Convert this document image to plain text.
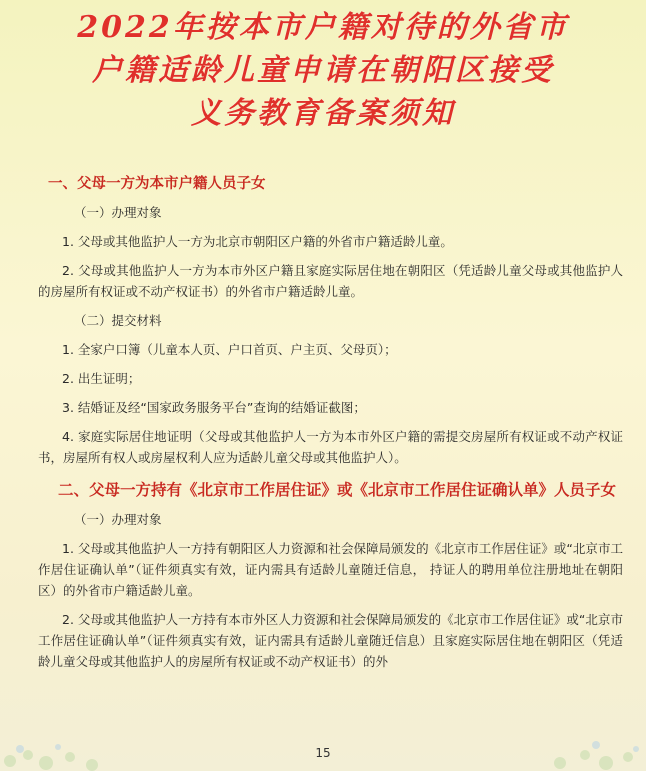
2022年按本市户籍对待的外省市
户籍适龄儿童申请在朝阳区接受
义务教育备案须知
一、父母一方为本市户籍人员子女
（一）办理对象
1. 父母或其他监护人一方为北京市朝阳区户籍的外省市户籍适龄儿童。
2. 父母或其他监护人一方为本市外区户籍且家庭实际居住地在朝阳区（凭适龄儿童父母或其他监护人的房屋所有权证或不动产权证书）的外省市户籍适龄儿童。
（二）提交材料
1. 全家户口簿（儿童本人页、户口首页、户主页、父母页）；
2. 出生证明；
3. 结婚证及经“国家政务服务平台”查询的结婚证截图；
4. 家庭实际居住地证明（父母或其他监护人一方为本市外区户籍的需提交房屋所有权证或不动产权证书，房屋所有权人或房屋权利人应为适龄儿童父母或其他监护人）。
二、父母一方持有《北京市工作居住证》或《北京市工作居住证确认单》人员子女
（一）办理对象
1. 父母或其他监护人一方持有朝阳区人力资源和社会保障局颁发的《北京市工作居住证》或“北京市工作居住证确认单”（证件须真实有效，证内需具有适龄儿童随迁信息， 持证人的聘用单位注册地址在朝阳区）的外省市户籍适龄儿童。
2. 父母或其他监护人一方持有本市外区人力资源和社会保障局颁发的《北京市工作居住证》或“北京市工作居住证确认单”（证件须真实有效，证内需具有适龄儿童随迁信息）且家庭实际居住地在朝阳区（凭适龄儿童父母或其他监护人的房屋所有权证或不动产权证书）的外
15
